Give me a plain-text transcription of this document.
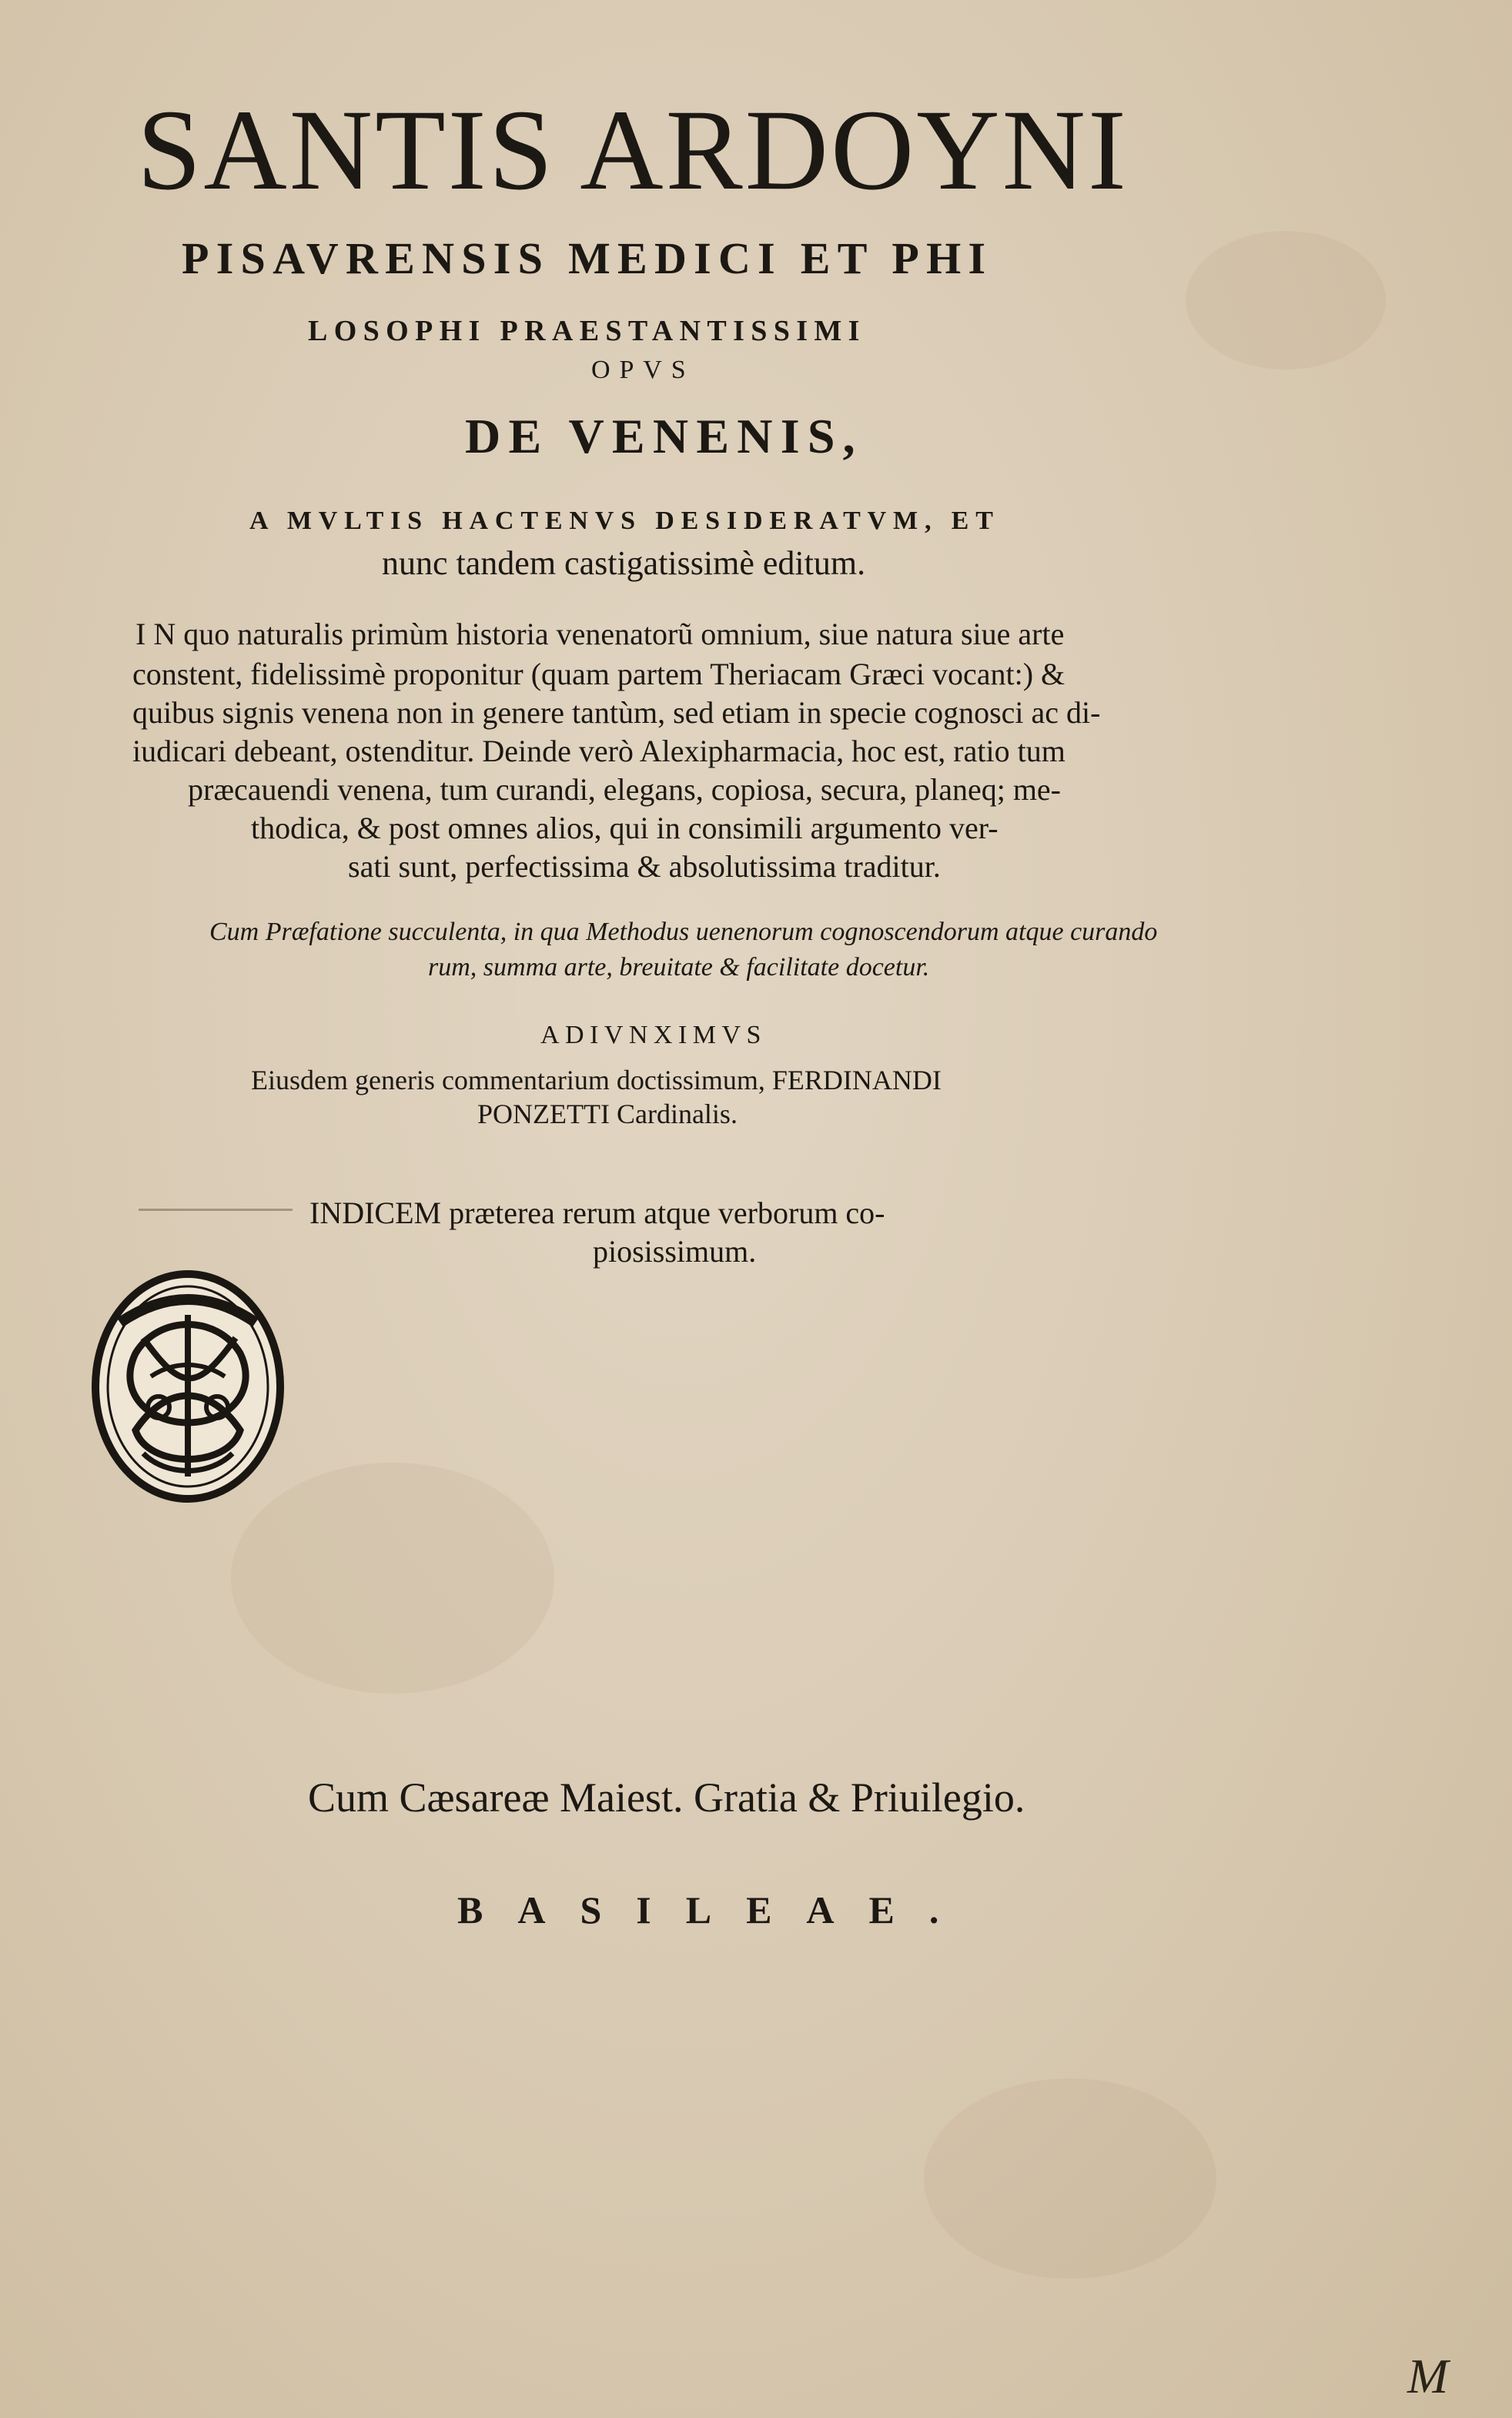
SANTIS ARDOYNI
PISAVRENSIS MEDICI ET PHI
LOSOPHI PRAESTANTISSIMI
OPVS
DE VENENIS,
A MVLTIS HACTENVS DESIDERATVM, ET
nunc tandem castigatissimè editum.
I N quo naturalis primùm historia venenatorũ omnium, siue natura siue arte
constent, fidelissimè proponitur (quam partem Theriacam Græci vocant:) &
quibus signis venena non in genere tantùm, sed etiam in specie cognosci ac di-
iudicari debeant, ostenditur. Deinde verò Alexipharmacia, hoc est, ratio tum
præcauendi venena, tum curandi, elegans, copiosa, secura, planeq; me-
thodica, & post omnes alios, qui in consimili argumento ver-
sati sunt, perfectissima & absolutissima traditur.
Cum Præfatione succulenta, in qua Methodus uenenorum cognoscendorum atque curando
rum, summa arte, breuitate & facilitate docetur.
ADIVNXIMVS
Eiusdem generis commentarium doctissimum, FERDINANDI
PONZETTI Cardinalis.
INDICEM præterea rerum atque verborum co-
piosissimum.
Cum Cæsareæ Maiest. Gratia & Priuilegio.
BASILEAE.
M
